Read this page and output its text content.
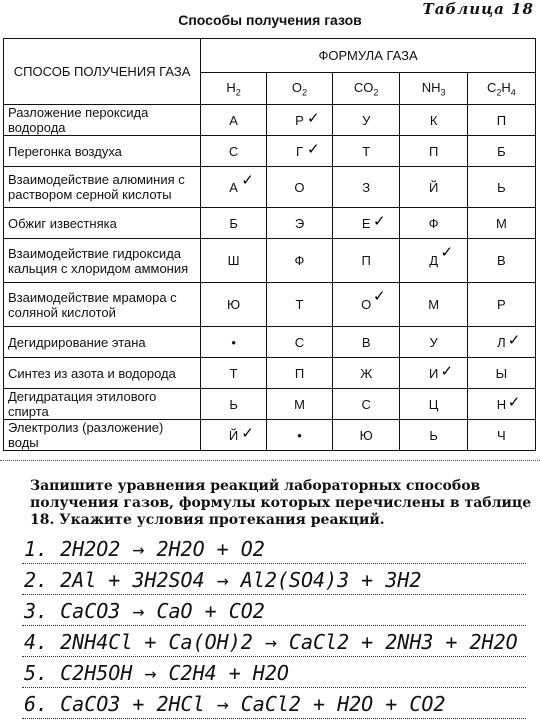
Таблица 18
Способы получения газов
СПОСОБ ПОЛУЧЕНИЯ ГАЗА	ФОРМУЛА ГАЗА				
	$H_2$	$O_2$	$CO_2$	$NH_3$	$C_2H_4$
Разложение пероксида водорода	А	Р ✓	У	К	П
Перегонка воздуха	С	Г ✓	Т	П	Б
Взаимодействие алюминия с раствором серной кислоты	А ✓	О	З	Й	Ь
Обжиг известняка	Б	Э	Е ✓	Ф	М
Взаимодействие гидроксида кальция с хлоридом аммония	Ш	Ф	П	Д ✓	В
Взаимодействие мрамора с соляной кислотой	Ю	Т	О ✓	М	Р
Дегидрирование этана	•	С	В	У	Л ✓

Синтез из азота и водорода	Т	П	Ж	И ✓	Ы
Дегидратация этилового спирта	Ь	М	С	Ц	Н ✓

Электролиз (разложение) воды	Й ✓	•	Ю	Ь	Ч
Запишите уравнения реакций лабораторных способов получения газов, формулы которых перечислены в таблице 18. Укажите условия протекания реакций.
1. 2H2O2 → 2H2O + O2
2. 2Al + 3H2SO4 → Al2(SO4)3 + 3H2
3. CaCO3 → CaO + CO2
4. 2NH4Cl + Ca(OH)2 → CaCl2 + 2NH3 + 2H2O
5. C2H5OH → C2H4 + H2O
6. CaCO3 + 2HCl → CaCl2 + H2O + CO2
